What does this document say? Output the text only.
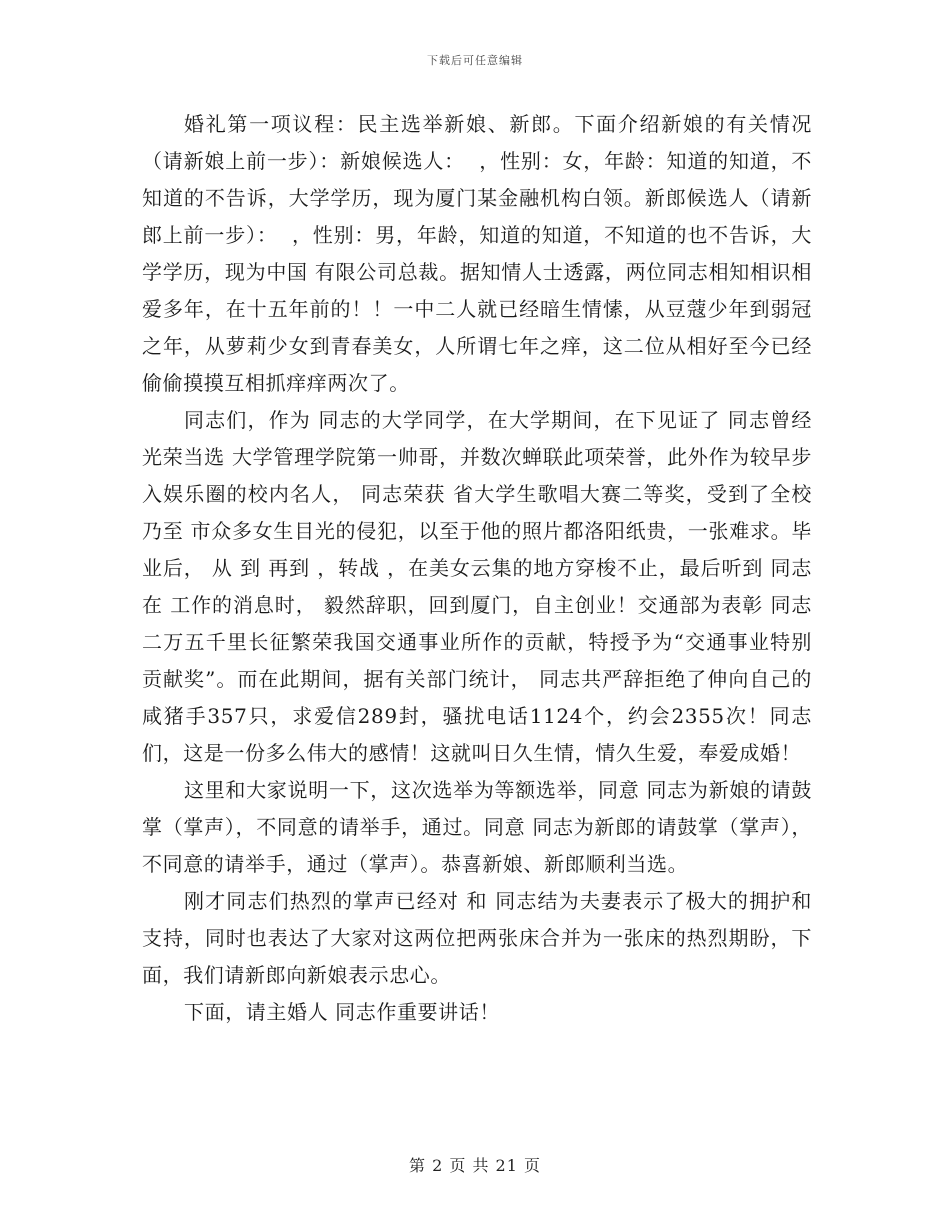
下载后可任意编辑

婚礼第一项议程：民主选举新娘、新郎。下面介绍新娘的有关情况（请新娘上前一步）：新娘候选人：  ，性别：女，年龄：知道的知道，不知道的不告诉，大学学历，现为厦门某金融机构白领。新郎候选人（请新郎上前一步）：  ，性别：男，年龄，知道的知道，不知道的也不告诉，大学学历，现为中国 有限公司总裁。据知情人士透露，两位同志相知相识相爱多年，在十五年前的！！一中二人就已经暗生情愫，从豆蔻少年到弱冠之年，从萝莉少女到青春美女，人所谓七年之痒，这二位从相好至今已经偷偷摸摸互相抓痒痒两次了。

同志们，作为 同志的大学同学，在大学期间，在下见证了 同志曾经光荣当选 大学管理学院第一帅哥，并数次蝉联此项荣誉，此外作为较早步入娱乐圈的校内名人， 同志荣获 省大学生歌唱大赛二等奖，受到了全校乃至 市众多女生目光的侵犯，以至于他的照片都洛阳纸贵，一张难求。毕业后， 从 到 再到 ，转战 ，在美女云集的地方穿梭不止，最后听到 同志在 工作的消息时， 毅然辞职，回到厦门，自主创业！交通部为表彰 同志二万五千里长征繁荣我国交通事业所作的贡献，特授予为“交通事业特别贡献奖”。而在此期间，据有关部门统计， 同志共严辞拒绝了伸向自己的咸猪手357只，求爱信289封，骚扰电话1124个，约会2355次！同志们，这是一份多么伟大的感情！这就叫日久生情，情久生爱，奉爱成婚！

这里和大家说明一下，这次选举为等额选举，同意 同志为新娘的请鼓掌（掌声），不同意的请举手，通过。同意 同志为新郎的请鼓掌（掌声），不同意的请举手，通过（掌声）。恭喜新娘、新郎顺利当选。

刚才同志们热烈的掌声已经对 和 同志结为夫妻表示了极大的拥护和支持，同时也表达了大家对这两位把两张床合并为一张床的热烈期盼，下面，我们请新郎向新娘表示忠心。

下面，请主婚人 同志作重要讲话！

第 2 页 共 21 页
